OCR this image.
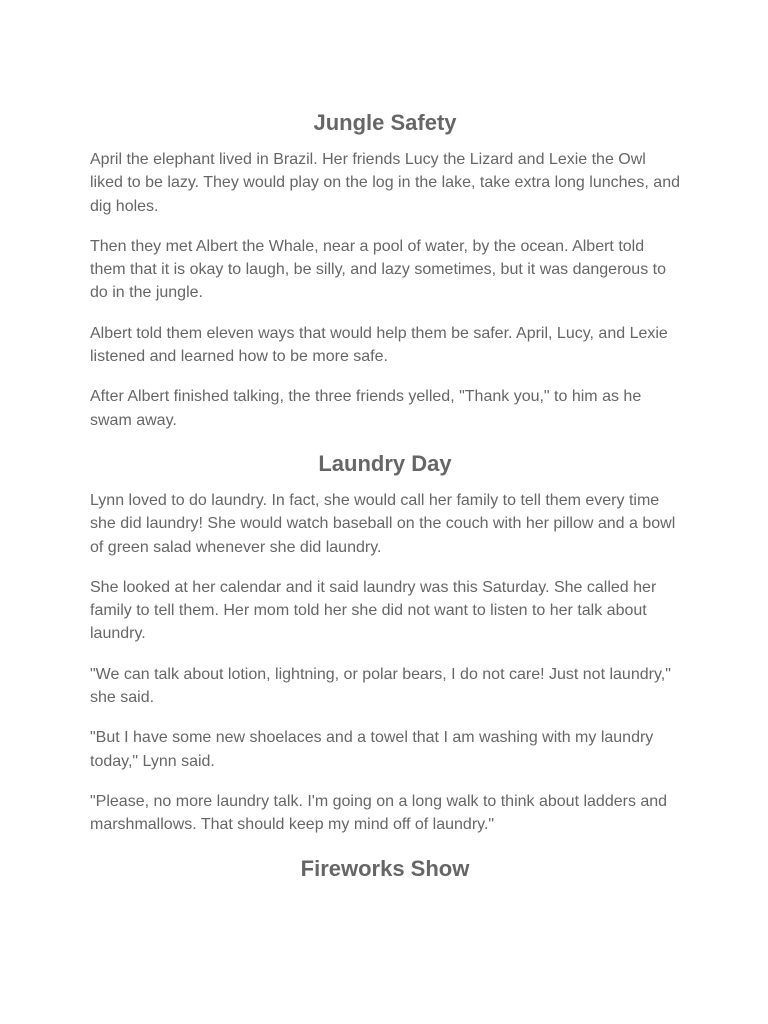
Jungle Safety

April the elephant lived in Brazil. Her friends Lucy the Lizard and Lexie the Owl liked to be lazy. They would play on the log in the lake, take extra long lunches, and dig holes.

Then they met Albert the Whale, near a pool of water, by the ocean. Albert told them that it is okay to laugh, be silly, and lazy sometimes, but it was dangerous to do in the jungle.

Albert told them eleven ways that would help them be safer. April, Lucy, and Lexie listened and learned how to be more safe.

After Albert finished talking, the three friends yelled, "Thank you," to him as he swam away.

Laundry Day

Lynn loved to do laundry. In fact, she would call her family to tell them every time she did laundry! She would watch baseball on the couch with her pillow and a bowl of green salad whenever she did laundry.

She looked at her calendar and it said laundry was this Saturday. She called her family to tell them. Her mom told her she did not want to listen to her talk about laundry.

"We can talk about lotion, lightning, or polar bears, I do not care! Just not laundry," she said.

"But I have some new shoelaces and a towel that I am washing with my laundry today," Lynn said.

"Please, no more laundry talk. I'm going on a long walk to think about ladders and marshmallows. That should keep my mind off of laundry."

Fireworks Show
